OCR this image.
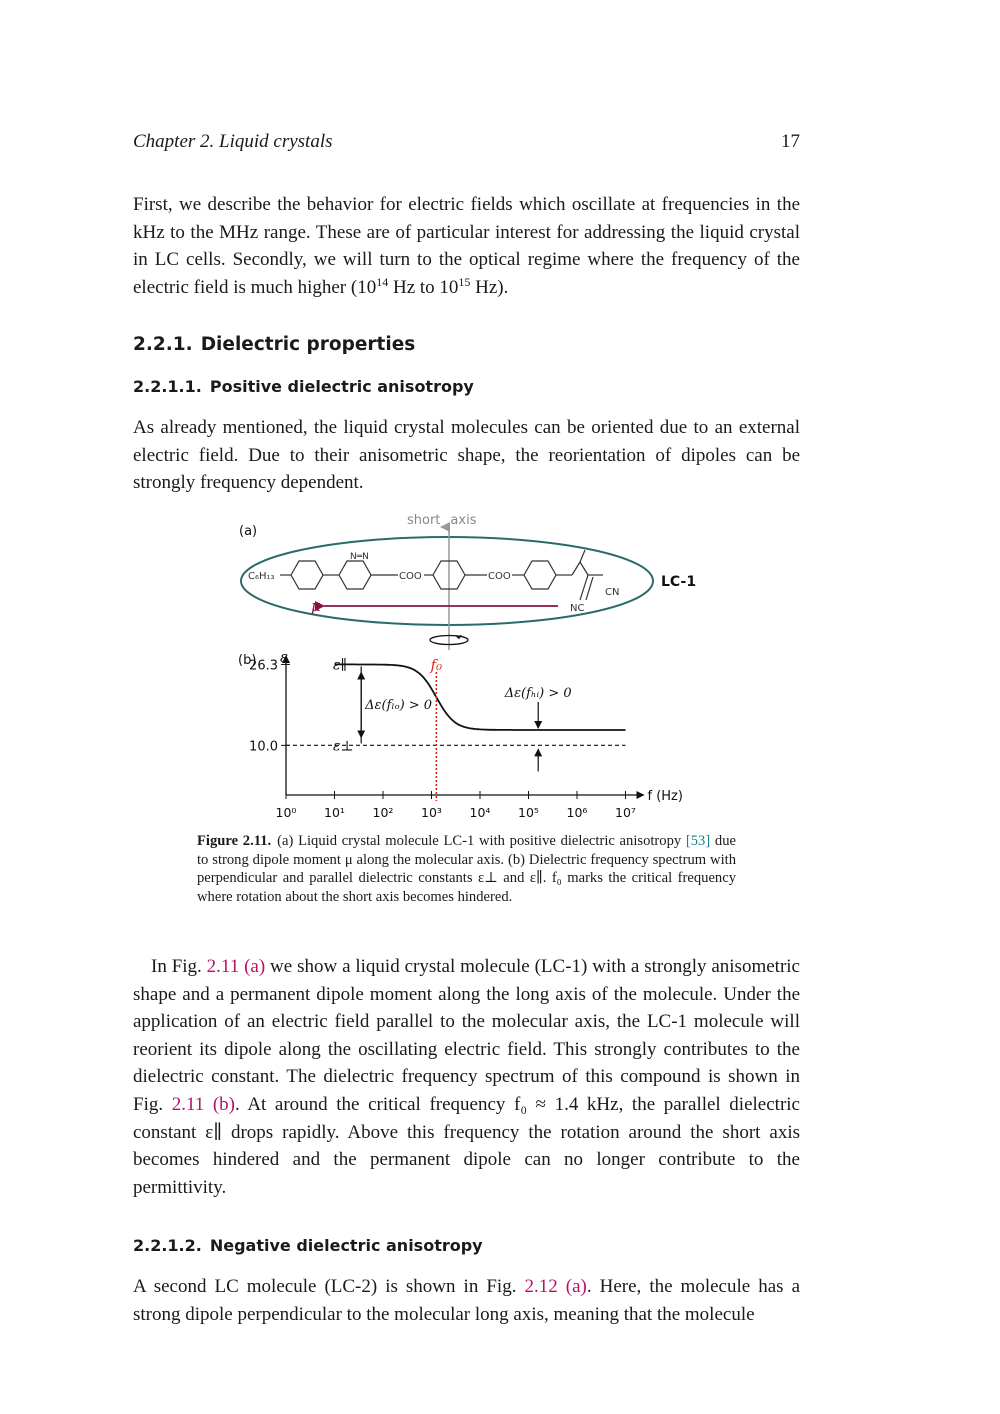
Chapter 2. Liquid crystals	17

First, we describe the behavior for electric fields which oscillate at frequencies in the kHz to the MHz range. These are of particular interest for addressing the liquid crystal in LC cells. Secondly, we will turn to the optical regime where the frequency of the electric field is much higher ($10^{14}$ Hz to $10^{15}$ Hz).

2.2.1. Dielectric properties
2.2.1.1. Positive dielectric anisotropy

As already mentioned, the liquid crystal molecules can be oriented due to an external electric field. Due to their anisometric shape, the reorientation of dipoles can be strongly frequency dependent.

(a)
short axis
C₆H₁₃
N═N
COO	COO
CN
NC
LC-1
μ
(b)
f (Hz)
ε
10⁰ 10¹ 10² 10³ 10⁴ 10⁵ 10⁶ 10⁷
26.3
10.0
f₀
ε∥
ε⊥
Δε(fₗₒ) > 0
Δε(fₕᵢ) > 0
Figure 2.11. (a) Liquid crystal molecule LC-1 with positive dielectric anisotropy [53] due to strong dipole moment μ along the molecular axis. (b) Dielectric frequency spectrum with perpendicular and parallel dielectric constants ε⊥ and ε∥. f₀ marks the critical frequency where rotation about the short axis becomes hindered.

In Fig. 2.11 (a) we show a liquid crystal molecule (LC-1) with a strongly anisometric shape and a permanent dipole moment along the long axis of the molecule. Under the application of an electric field parallel to the molecular axis, the LC-1 molecule will reorient its dipole along the oscillating electric field. This strongly contributes to the dielectric constant. The dielectric frequency spectrum of this compound is shown in Fig. 2.11 (b). At around the critical frequency f₀ ≈ 1.4 kHz, the parallel dielectric constant ε∥ drops rapidly. Above this frequency the rotation around the short axis becomes hindered and the permanent dipole can no longer contribute to the permittivity.

2.2.1.2. Negative dielectric anisotropy

A second LC molecule (LC-2) is shown in Fig. 2.12 (a). Here, the molecule has a strong dipole perpendicular to the molecular long axis, meaning that the molecule
